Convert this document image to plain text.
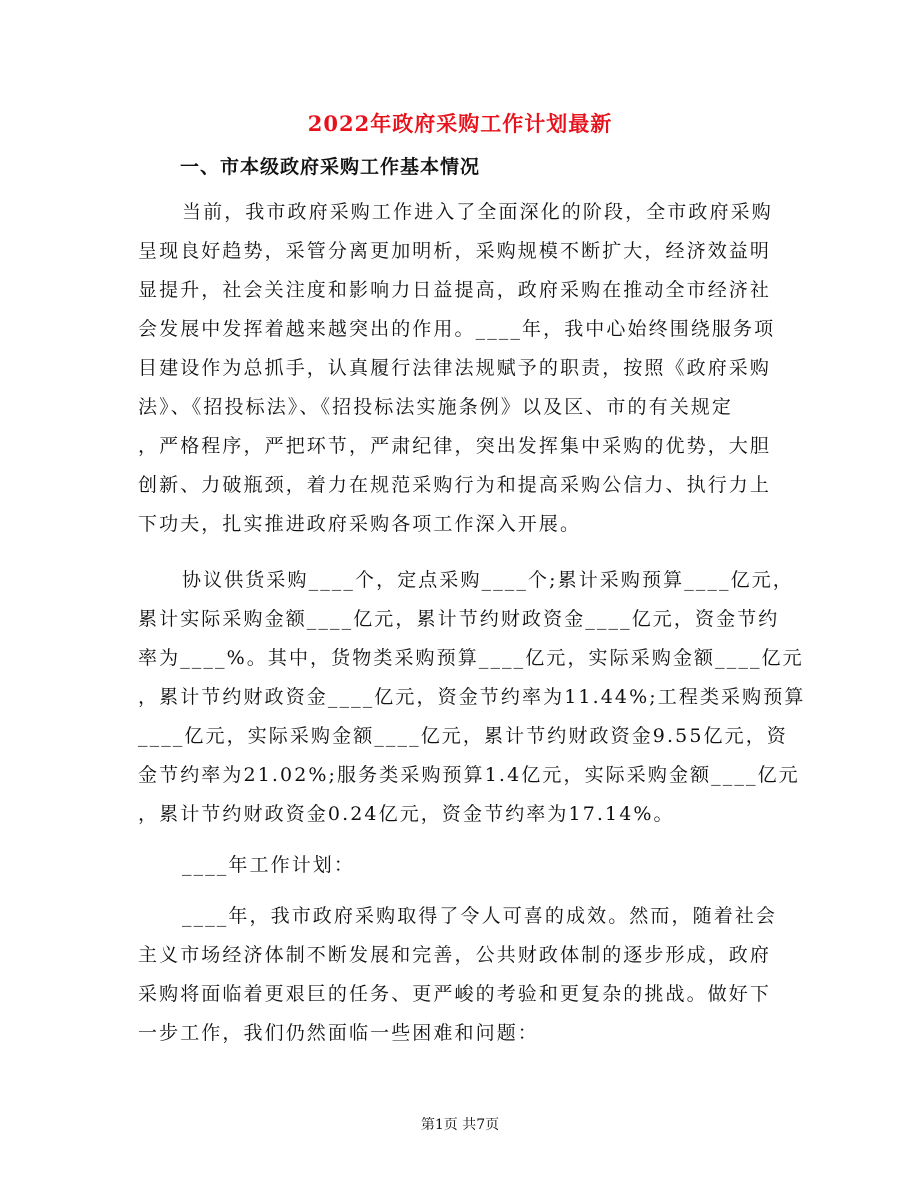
2022年政府采购工作计划最新
一、市本级政府采购工作基本情况
当前，我市政府采购工作进入了全面深化的阶段，全市政府采购
呈现良好趋势，采管分离更加明析，采购规模不断扩大，经济效益明
显提升，社会关注度和影响力日益提高，政府采购在推动全市经济社
会发展中发挥着越来越突出的作用。____年，我中心始终围绕服务项
目建设作为总抓手，认真履行法律法规赋予的职责，按照《政府采购
法》、《招投标法》、《招投标法实施条例》以及区、市的有关规定
，严格程序，严把环节，严肃纪律，突出发挥集中采购的优势，大胆
创新、力破瓶颈，着力在规范采购行为和提高采购公信力、执行力上
下功夫，扎实推进政府采购各项工作深入开展。
协议供货采购____个，定点采购____个;累计采购预算____亿元，
累计实际采购金额____亿元，累计节约财政资金____亿元，资金节约
率为____%。其中，货物类采购预算____亿元，实际采购金额____亿元
，累计节约财政资金____亿元，资金节约率为11.44%;工程类采购预算
____亿元，实际采购金额____亿元，累计节约财政资金9.55亿元，资
金节约率为21.02%;服务类采购预算1.4亿元，实际采购金额____亿元
，累计节约财政资金0.24亿元，资金节约率为17.14%。
____年工作计划：
____年，我市政府采购取得了令人可喜的成效。然而，随着社会
主义市场经济体制不断发展和完善，公共财政体制的逐步形成，政府
采购将面临着更艰巨的任务、更严峻的考验和更复杂的挑战。做好下
一步工作，我们仍然面临一些困难和问题：
第1页 共7页
